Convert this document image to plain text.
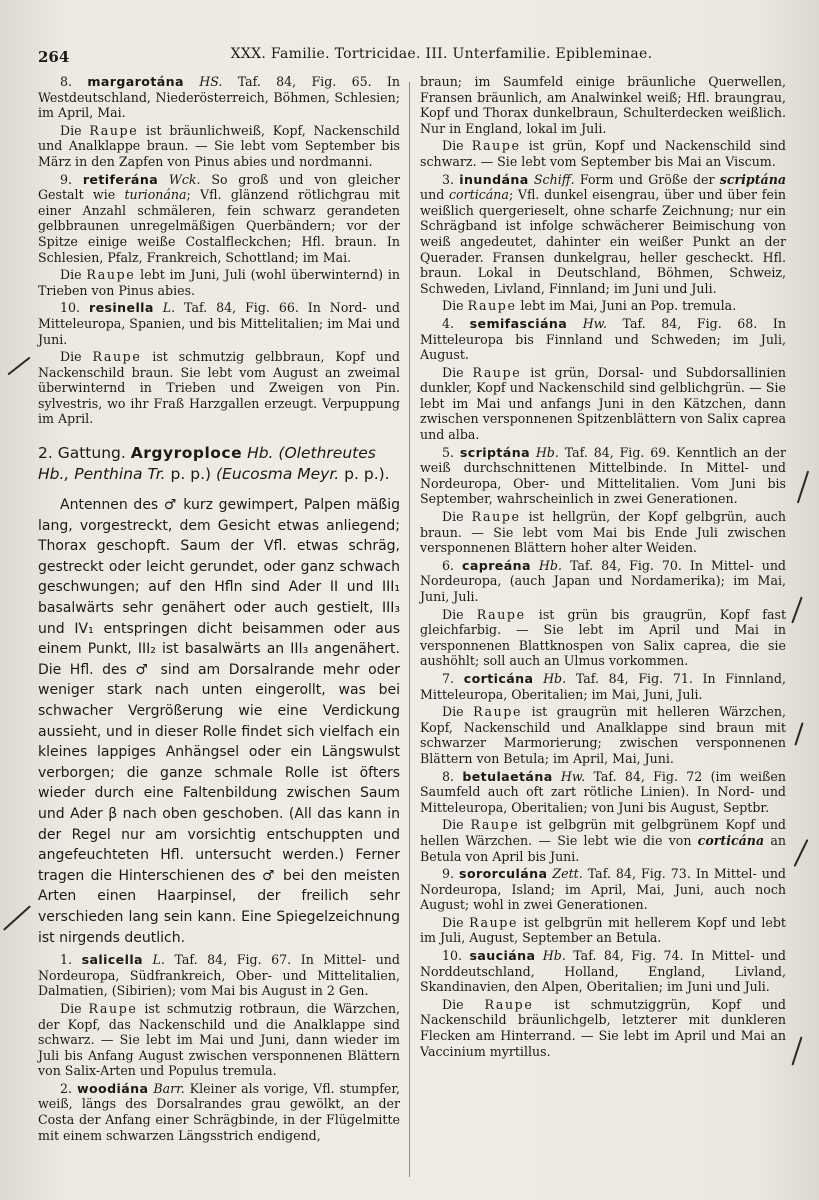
264	XXX. Familie. Tortricidae. III. Unterfamilie. Epibleminae.

8. margarotána HS. Taf. 84, Fig. 65. In Westdeutschland, Niederösterreich, Böhmen, Schlesien; im April, Mai.

Die Raupe ist bräunlichweiß, Kopf, Nackenschild und Analklappe braun. — Sie lebt vom September bis März in den Zapfen von Pinus abies und nordmanni.

9. retiferána Wck. So groß und von gleicher Gestalt wie turionána; Vfl. glänzend rötlichgrau mit einer Anzahl schmäleren, fein schwarz gerandeten gelbbraunen unregelmäßigen Querbändern; vor der Spitze einige weiße Costalfleckchen; Hfl. braun. In Schlesien, Pfalz, Frankreich, Schottland; im Mai.

Die Raupe lebt im Juni, Juli (wohl überwinternd) in Trieben von Pinus abies.

10. resinella L. Taf. 84, Fig. 66. In Nord- und Mitteleuropa, Spanien, und bis Mittelitalien; im Mai und Juni.

Die Raupe ist schmutzig gelbbraun, Kopf und Nackenschild braun. Sie lebt vom August an zweimal überwinternd in Trieben und Zweigen von Pin. sylvestris, wo ihr Fraß Harzgallen erzeugt. Verpuppung im April.

2. Gattung. Argyroploce Hb. (Olethreutes Hb., Penthina Tr. p. p.) (Eucosma Meyr. p. p.).

Antennen des ♂ kurz gewimpert, Palpen mäßig lang, vorgestreckt, dem Gesicht etwas anliegend; Thorax geschopft. Saum der Vfl. etwas schräg, gestreckt oder leicht gerundet, oder ganz schwach geschwungen; auf den Hfln sind Ader II und III₁ basalwärts sehr genähert oder auch gestielt, III₃ und IV₁ entspringen dicht beisammen oder aus einem Punkt, III₂ ist basalwärts an III₃ angenähert. Die Hfl. des ♂ sind am Dorsalrande mehr oder weniger stark nach unten eingerollt, was bei schwacher Vergrößerung wie eine Verdickung aussieht, und in dieser Rolle findet sich vielfach ein kleines lappiges Anhängsel oder ein Längswulst verborgen; die ganze schmale Rolle ist öfters wieder durch eine Faltenbildung zwischen Saum und Ader β nach oben geschoben. (All das kann in der Regel nur am vorsichtig entschuppten und angefeuchteten Hfl. untersucht werden.) Ferner tragen die Hinterschienen des ♂ bei den meisten Arten einen Haarpinsel, der freilich sehr verschieden lang sein kann. Eine Spiegelzeichnung ist nirgends deutlich.

1. salicella L. Taf. 84, Fig. 67. In Mittel- und Nordeuropa, Südfrankreich, Ober- und Mittelitalien, Dalmatien, (Sibirien); vom Mai bis August in 2 Gen.

Die Raupe ist schmutzig rotbraun, die Wärzchen, der Kopf, das Nackenschild und die Analklappe sind schwarz. — Sie lebt im Mai und Juni, dann wieder im Juli bis Anfang August zwischen versponnenen Blättern von Salix-Arten und Populus tremula.

2. woodiána Barr. Kleiner als vorige, Vfl. stumpfer, weiß, längs des Dorsalrandes grau gewölkt, an der Costa der Anfang einer Schrägbinde, in der Flügelmitte mit einem schwarzen Längsstrich endigend,

braun; im Saumfeld einige bräunliche Querwellen, Fransen bräunlich, am Analwinkel weiß; Hfl. braungrau, Kopf und Thorax dunkelbraun, Schulterdecken weißlich. Nur in England, lokal im Juli.

Die Raupe ist grün, Kopf und Nackenschild sind schwarz. — Sie lebt vom September bis Mai an Viscum.

3. inundána Schiff. Form und Größe der scriptána und corticána; Vfl. dunkel eisengrau, über und über fein weißlich quergerieselt, ohne scharfe Zeichnung; nur ein Schrägband ist infolge schwächerer Beimischung von weiß angedeutet, dahinter ein weißer Punkt an der Querader. Fransen dunkelgrau, heller gescheckt. Hfl. braun. Lokal in Deutschland, Böhmen, Schweiz, Schweden, Livland, Finnland; im Juni und Juli.

Die Raupe lebt im Mai, Juni an Pop. tremula.

4. semifasciána Hw. Taf. 84, Fig. 68. In Mitteleuropa bis Finnland und Schweden; im Juli, August.

Die Raupe ist grün, Dorsal- und Subdorsallinien dunkler, Kopf und Nackenschild sind gelblichgrün. — Sie lebt im Mai und anfangs Juni in den Kätzchen, dann zwischen versponnenen Spitzenblättern von Salix caprea und alba.

5. scriptána Hb. Taf. 84, Fig. 69. Kenntlich an der weiß durchschnittenen Mittelbinde. In Mittel- und Nordeuropa, Ober- und Mittelitalien. Vom Juni bis September, wahrscheinlich in zwei Generationen.

Die Raupe ist hellgrün, der Kopf gelbgrün, auch braun. — Sie lebt vom Mai bis Ende Juli zwischen versponnenen Blättern hoher alter Weiden.

6. capreána Hb. Taf. 84, Fig. 70. In Mittel- und Nordeuropa, (auch Japan und Nordamerika); im Mai, Juni, Juli.

Die Raupe ist grün bis graugrün, Kopf fast gleichfarbig. — Sie lebt im April und Mai in versponnenen Blattknospen von Salix caprea, die sie aushöhlt; soll auch an Ulmus vorkommen.

7. corticána Hb. Taf. 84, Fig. 71. In Finnland, Mitteleuropa, Oberitalien; im Mai, Juni, Juli.

Die Raupe ist graugrün mit helleren Wärzchen, Kopf, Nackenschild und Analklappe sind braun mit schwarzer Marmorierung; zwischen versponnenen Blättern von Betula; im April, Mai, Juni.

8. betulaetána Hw. Taf. 84, Fig. 72 (im weißen Saumfeld auch oft zart rötliche Linien). In Nord- und Mitteleuropa, Oberitalien; von Juni bis August, Septbr.

Die Raupe ist gelbgrün mit gelbgrünem Kopf und hellen Wärzchen. — Sie lebt wie die von corticána an Betula von April bis Juni.

9. sororculána Zett. Taf. 84, Fig. 73. In Mittel- und Nordeuropa, Island; im April, Mai, Juni, auch noch August; wohl in zwei Generationen.

Die Raupe ist gelbgrün mit hellerem Kopf und lebt im Juli, August, September an Betula.

10. sauciána Hb. Taf. 84, Fig. 74. In Mittel- und Norddeutschland, Holland, England, Livland, Skandinavien, den Alpen, Oberitalien; im Juni und Juli.

Die Raupe ist schmutziggrün, Kopf und Nackenschild bräunlichgelb, letzterer mit dunkleren Flecken am Hinterrand. — Sie lebt im April und Mai an Vaccinium myrtillus.
